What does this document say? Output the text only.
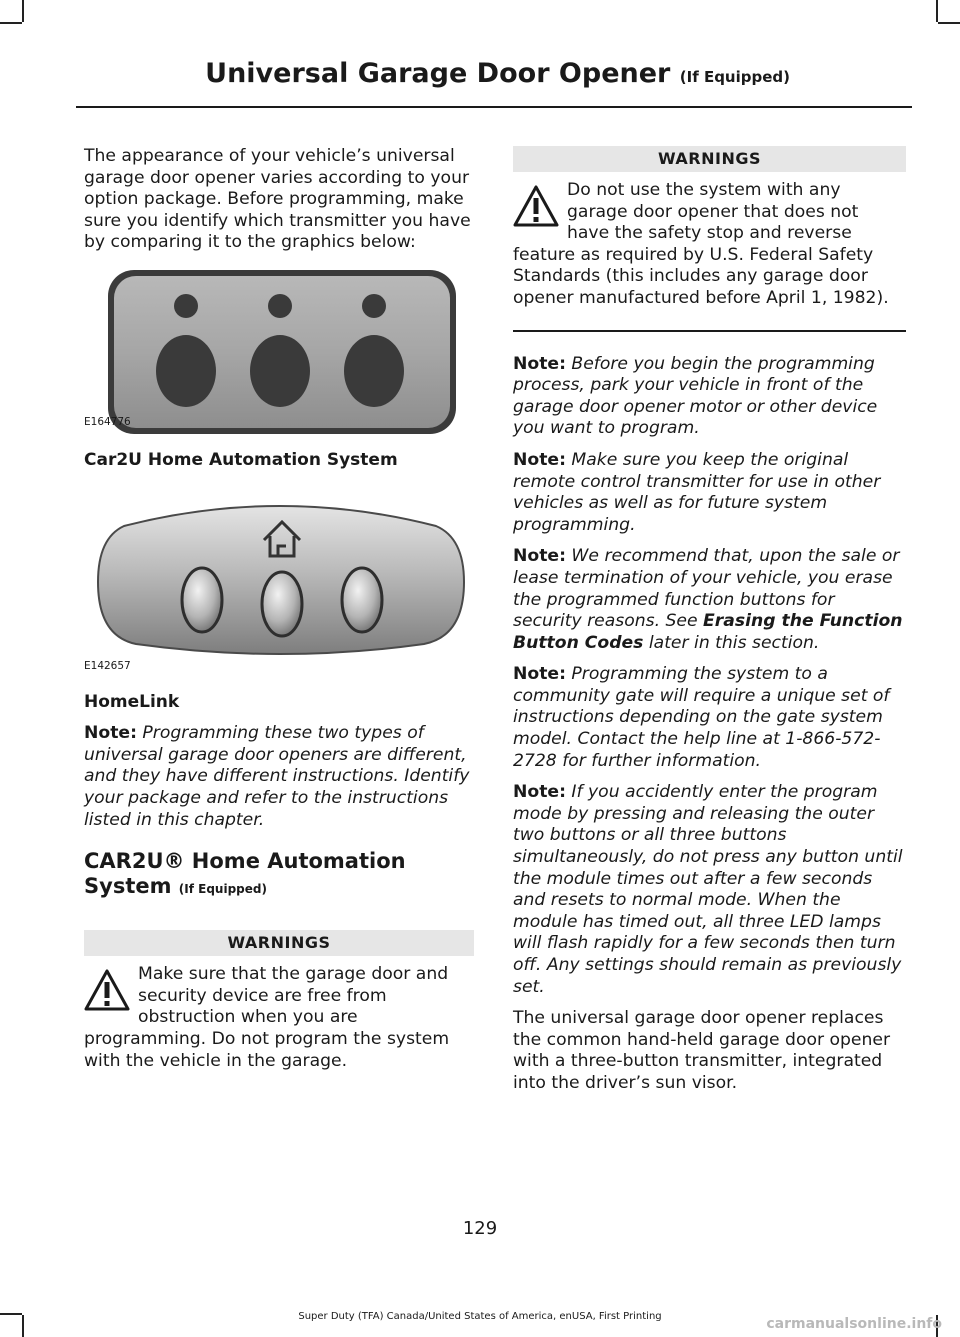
Universal Garage Door Opener (If Equipped)

The appearance of your vehicle’s universal garage door opener varies according to your option package. Before programming, make sure you identify which transmitter you have by comparing it to the graphics below:

E164776

Car2U Home Automation System

E142657

HomeLink

Note: Programming these two types of universal garage door openers are different, and they have different instructions. Identify your package and refer to the instructions listed in this chapter.

CAR2U® Home Automation System (If Equipped)
WARNINGS
Make sure that the garage door and security device are free from obstruction when you are programming. Do not program the system with the vehicle in the garage.
WARNINGS
Do not use the system with any garage door opener that does not have the safety stop and reverse feature as required by U.S. Federal Safety Standards (this includes any garage door opener manufactured before April 1, 1982).

Note: Before you begin the programming process, park your vehicle in front of the garage door opener motor or other device you want to program.

Note: Make sure you keep the original remote control transmitter for use in other vehicles as well as for future system programming.

Note: We recommend that, upon the sale or lease termination of your vehicle, you erase the programmed function buttons for security reasons. See Erasing the Function Button Codes later in this section.

Note: Programming the system to a community gate will require a unique set of instructions depending on the gate system model. Contact the help line at 1-866-572-2728 for further information.

Note: If you accidently enter the program mode by pressing and releasing the outer two buttons or all three buttons simultaneously, do not press any button until the module times out after a few seconds and resets to normal mode. When the module has timed out, all three LED lamps will flash rapidly for a few seconds then turn off. Any settings should remain as previously set.

The universal garage door opener replaces the common hand-held garage door opener with a three-button transmitter, integrated into the driver’s sun visor.

129
Super Duty (TFA) Canada/United States of America, enUSA, First Printing	carmanualsonline.info
